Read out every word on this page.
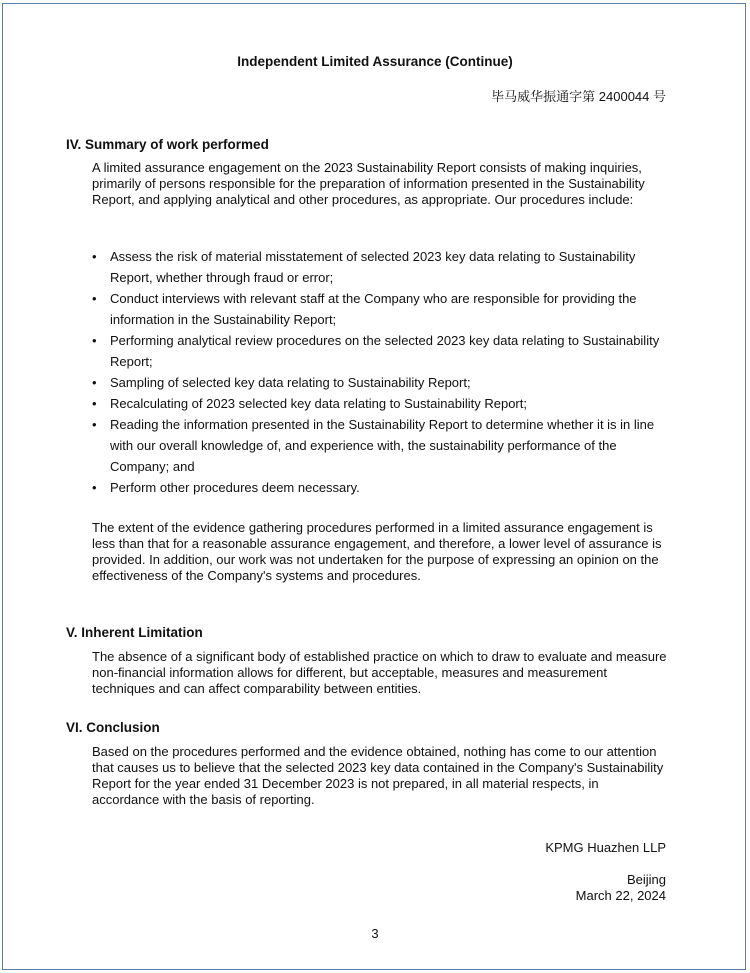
Independent Limited Assurance (Continue)
毕马威华振通字第 2400044 号
IV. Summary of work performed
A limited assurance engagement on the 2023 Sustainability Report consists of making inquiries, primarily of persons responsible for the preparation of information presented in the Sustainability Report, and applying analytical and other procedures, as appropriate. Our procedures include:
• Assess the risk of material misstatement of selected 2023 key data relating to Sustainability Report, whether through fraud or error;
• Conduct interviews with relevant staff at the Company who are responsible for providing the information in the Sustainability Report;
• Performing analytical review procedures on the selected 2023 key data relating to Sustainability Report;
• Sampling of selected key data relating to Sustainability Report;
• Recalculating of 2023 selected key data relating to Sustainability Report;
• Reading the information presented in the Sustainability Report to determine whether it is in line with our overall knowledge of, and experience with, the sustainability performance of the Company; and
• Perform other procedures deem necessary.
The extent of the evidence gathering procedures performed in a limited assurance engagement is less than that for a reasonable assurance engagement, and therefore, a lower level of assurance is provided. In addition, our work was not undertaken for the purpose of expressing an opinion on the effectiveness of the Company's systems and procedures.
V. Inherent Limitation
The absence of a significant body of established practice on which to draw to evaluate and measure non-financial information allows for different, but acceptable, measures and measurement techniques and can affect comparability between entities.
VI. Conclusion
Based on the procedures performed and the evidence obtained, nothing has come to our attention that causes us to believe that the selected 2023 key data contained in the Company's Sustainability Report for the year ended 31 December 2023 is not prepared, in all material respects, in accordance with the basis of reporting.
KPMG Huazhen LLP
Beijing
March 22, 2024
3
